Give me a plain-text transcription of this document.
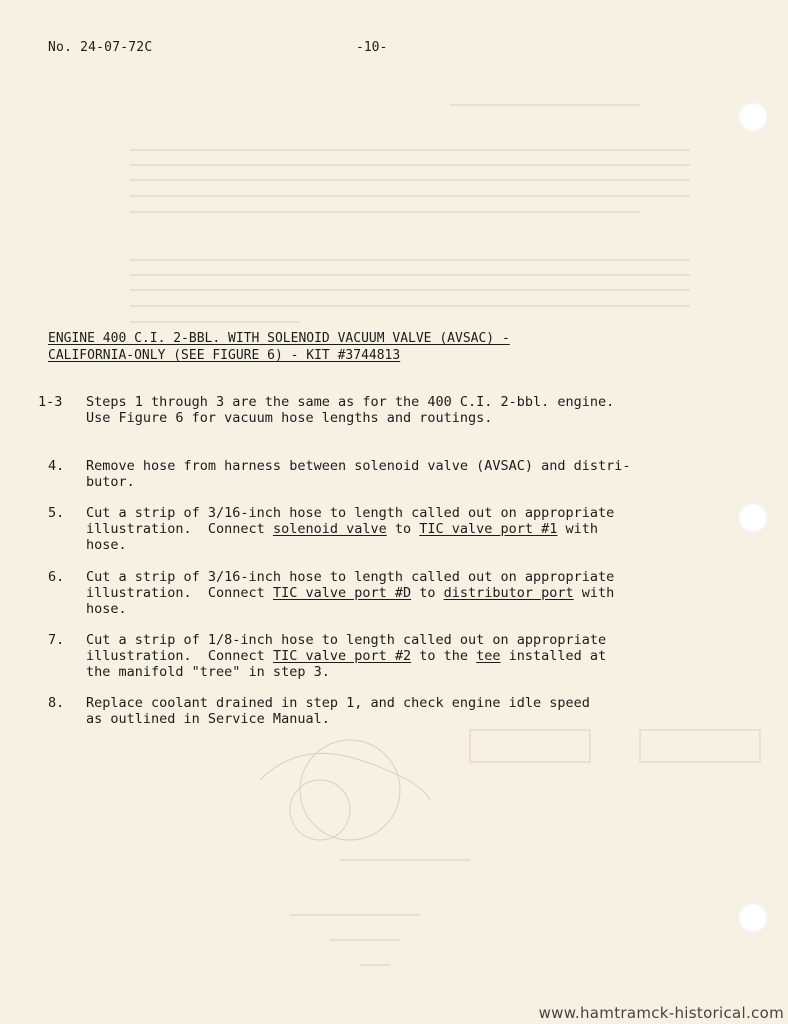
No. 24-07-72C	-10-
ENGINE 400 C.I. 2-BBL. WITH SOLENOID VACUUM VALVE (AVSAC) -
CALIFORNIA-ONLY (SEE FIGURE 6) - KIT #3744813
1-3 Steps 1 through 3 are the same as for the 400 C.I. 2-bbl. engine.
Use Figure 6 for vacuum hose lengths and routings.
4. Remove hose from harness between solenoid valve (AVSAC) and distri-
butor.
5. Cut a strip of 3/16-inch hose to length called out on appropriate
illustration.  Connect solenoid valve to TIC valve port #1 with
hose.
6. Cut a strip of 3/16-inch hose to length called out on appropriate
illustration.  Connect TIC valve port #D to distributor port with
hose.
7. Cut a strip of 1/8-inch hose to length called out on appropriate
illustration.  Connect TIC valve port #2 to the tee installed at
the manifold "tree" in step 3.
8. Replace coolant drained in step 1, and check engine idle speed
as outlined in Service Manual.
www.hamtramck-historical.com
